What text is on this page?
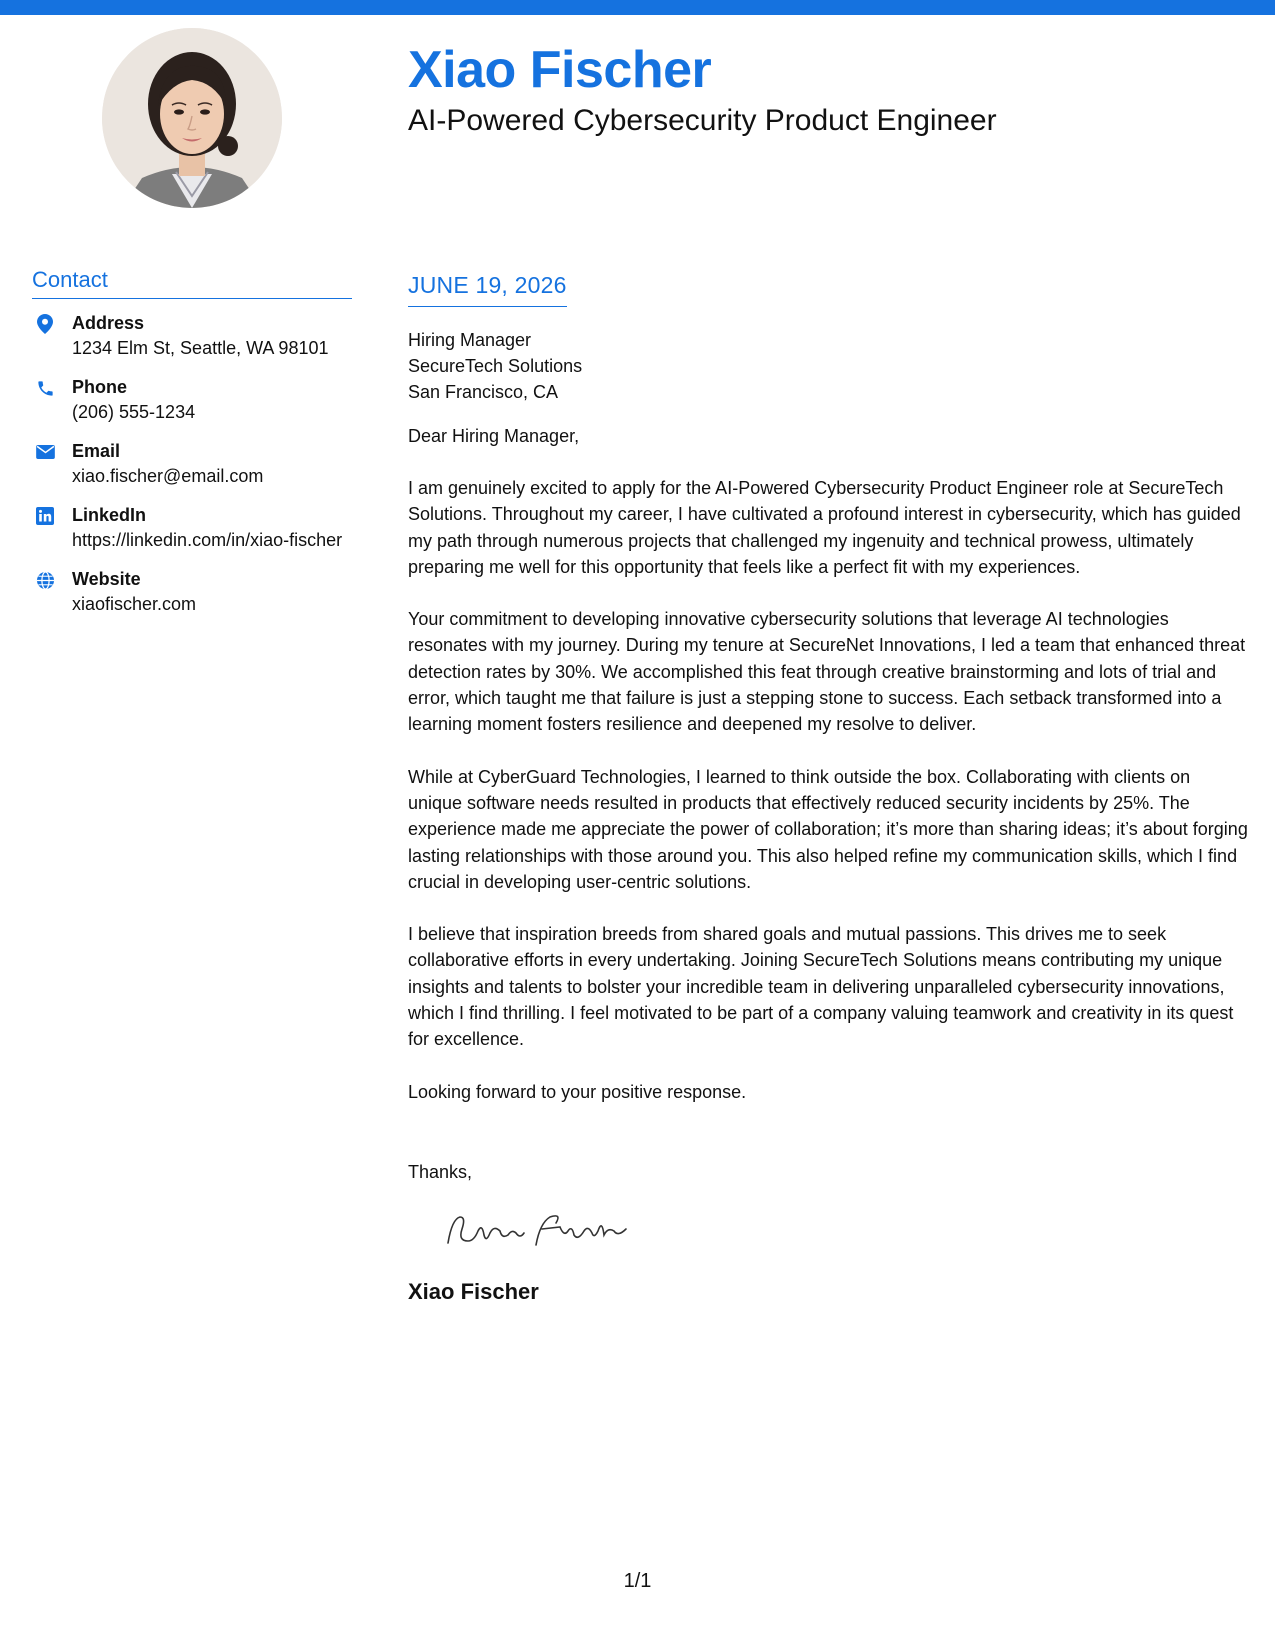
Xiao Fischer
AI-Powered Cybersecurity Product Engineer
Contact
Address
1234 Elm St, Seattle, WA 98101
Phone
(206) 555-1234
Email
xiao.fischer@email.com
LinkedIn
https://linkedin.com/in/xiao-fischer
Website
xiaofischer.com
JUNE 19, 2026
Hiring Manager
SecureTech Solutions
San Francisco, CA
Dear Hiring Manager,
I am genuinely excited to apply for the AI-Powered Cybersecurity Product Engineer role at SecureTech Solutions. Throughout my career, I have cultivated a profound interest in cybersecurity, which has guided my path through numerous projects that challenged my ingenuity and technical prowess, ultimately preparing me well for this opportunity that feels like a perfect fit with my experiences.
Your commitment to developing innovative cybersecurity solutions that leverage AI technologies resonates with my journey. During my tenure at SecureNet Innovations, I led a team that enhanced threat detection rates by 30%. We accomplished this feat through creative brainstorming and lots of trial and error, which taught me that failure is just a stepping stone to success. Each setback transformed into a learning moment fosters resilience and deepened my resolve to deliver.
While at CyberGuard Technologies, I learned to think outside the box. Collaborating with clients on unique software needs resulted in products that effectively reduced security incidents by 25%. The experience made me appreciate the power of collaboration; it’s more than sharing ideas; it’s about forging lasting relationships with those around you. This also helped refine my communication skills, which I find crucial in developing user-centric solutions.
I believe that inspiration breeds from shared goals and mutual passions. This drives me to seek collaborative efforts in every undertaking. Joining SecureTech Solutions means contributing my unique insights and talents to bolster your incredible team in delivering unparalleled cybersecurity innovations, which I find thrilling. I feel motivated to be part of a company valuing teamwork and creativity in its quest for excellence.
Looking forward to your positive response.
Thanks,
Xiao Fischer
1/1
